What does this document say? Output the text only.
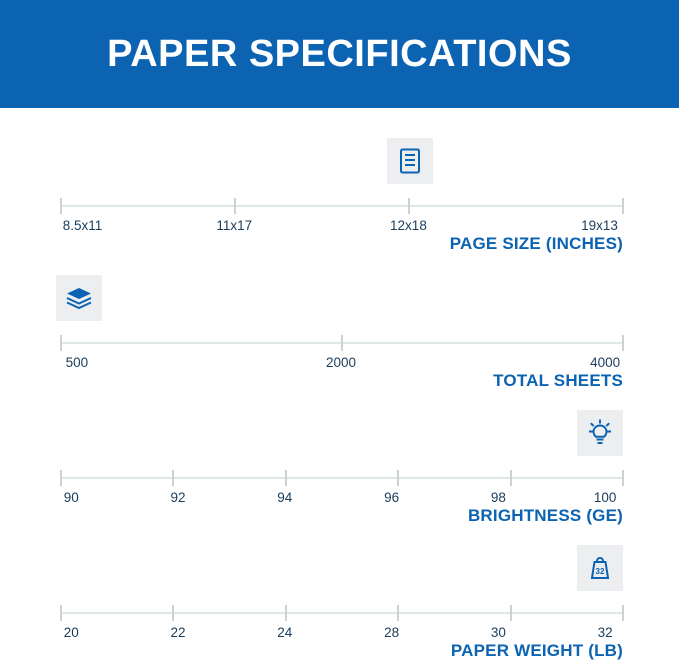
PAPER SPECIFICATIONS
8.5x11	11x17	12x18	19x13
PAGE SIZE (INCHES)
500	2000	4000
TOTAL SHEETS
90	92	94	96	98	100
BRIGHTNESS (GE)
32
20	22	24	28	30	32
PAPER WEIGHT (LB)
